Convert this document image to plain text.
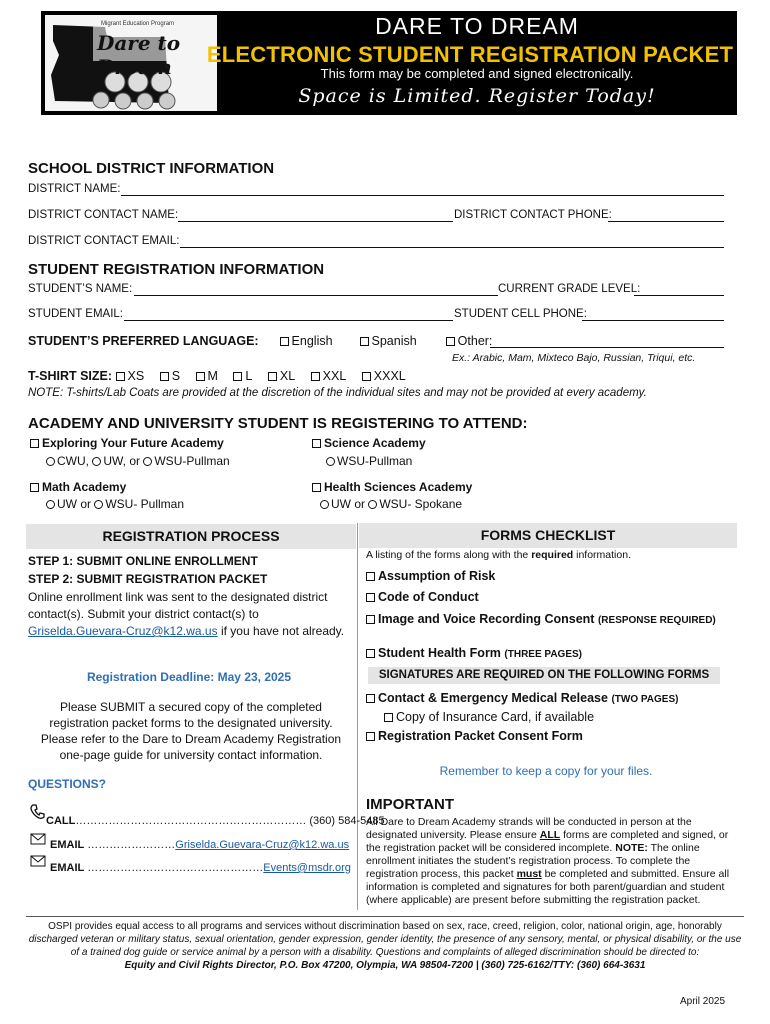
Migrant Education Program
Dare to Dream
DARE TO DREAM
ELECTRONIC STUDENT REGISTRATION PACKET
This form may be completed and signed electronically.
Space is Limited. Register Today!
SCHOOL DISTRICT INFORMATION
DISTRICT NAME:
DISTRICT CONTACT NAME:	DISTRICT CONTACT PHONE:
DISTRICT CONTACT EMAIL:
STUDENT REGISTRATION INFORMATION
STUDENT’S NAME:	CURRENT GRADE LEVEL:
STUDENT EMAIL:	STUDENT CELL PHONE:
STUDENT’S PREFERRED LANGUAGE:	English	Spanish	Other:
Ex.: Arabic, Mam, Mixteco Bajo, Russian, Triqui, etc.
T-SHIRT SIZE: XS S M L XL XXL XXXL
NOTE: T-shirts/Lab Coats are provided at the discretion of the individual sites and may not be provided at every academy.
ACADEMY AND UNIVERSITY STUDENT IS REGISTERING TO ATTEND:
Exploring Your Future Academy
CWU, UW, or WSU-Pullman
Science Academy
WSU-Pullman
Math Academy
UW or WSU- Pullman
Health Sciences Academy
UW or WSU- Spokane
REGISTRATION PROCESS	FORMS CHECKLIST
STEP 1: SUBMIT ONLINE ENROLLMENT
STEP 2: SUBMIT REGISTRATION PACKET
Online enrollment link was sent to the designated district contact(s). Submit your district contact(s) to Griselda.Guevara-Cruz@k12.wa.us if you have not already.
Registration Deadline: May 23, 2025
Please SUBMIT a secured copy of the completed registration packet forms to the designated university. Please refer to the Dare to Dream Academy Registration one-page guide for university contact information.
QUESTIONS?
CALL……………………………………………………… (360) 584-5485
EMAIL ……………………Griselda.Guevara-Cruz@k12.wa.us
EMAIL …………………………………………Events@msdr.org
A listing of the forms along with the required information.
Assumption of Risk
Code of Conduct
Image and Voice Recording Consent (RESPONSE REQUIRED)
Student Health Form (THREE PAGES)
SIGNATURES ARE REQUIRED ON THE FOLLOWING FORMS
Contact & Emergency Medical Release (TWO PAGES)
Copy of Insurance Card, if available
Registration Packet Consent Form
Remember to keep a copy for your files.
IMPORTANT
All Dare to Dream Academy strands will be conducted in person at the designated university. Please ensure ALL forms are completed and signed, or the registration packet will be considered incomplete. NOTE: The online enrollment initiates the student’s registration process. To complete the registration process, this packet must be completed and submitted. Ensure all information is completed and signatures for both parent/guardian and student (where applicable) are present before submitting the registration packet.
OSPI provides equal access to all programs and services without discrimination based on sex, race, creed, religion, color, national origin, age, honorably
discharged veteran or military status, sexual orientation, gender expression, gender identity, the presence of any sensory, mental, or physical disability, or the use of a trained dog guide or service animal by a person with a disability. Questions and complaints of alleged discrimination should be directed to:
Equity and Civil Rights Director, P.O. Box 47200, Olympia, WA 98504-7200 | (360) 725-6162/TTY: (360) 664-3631
April 2025
